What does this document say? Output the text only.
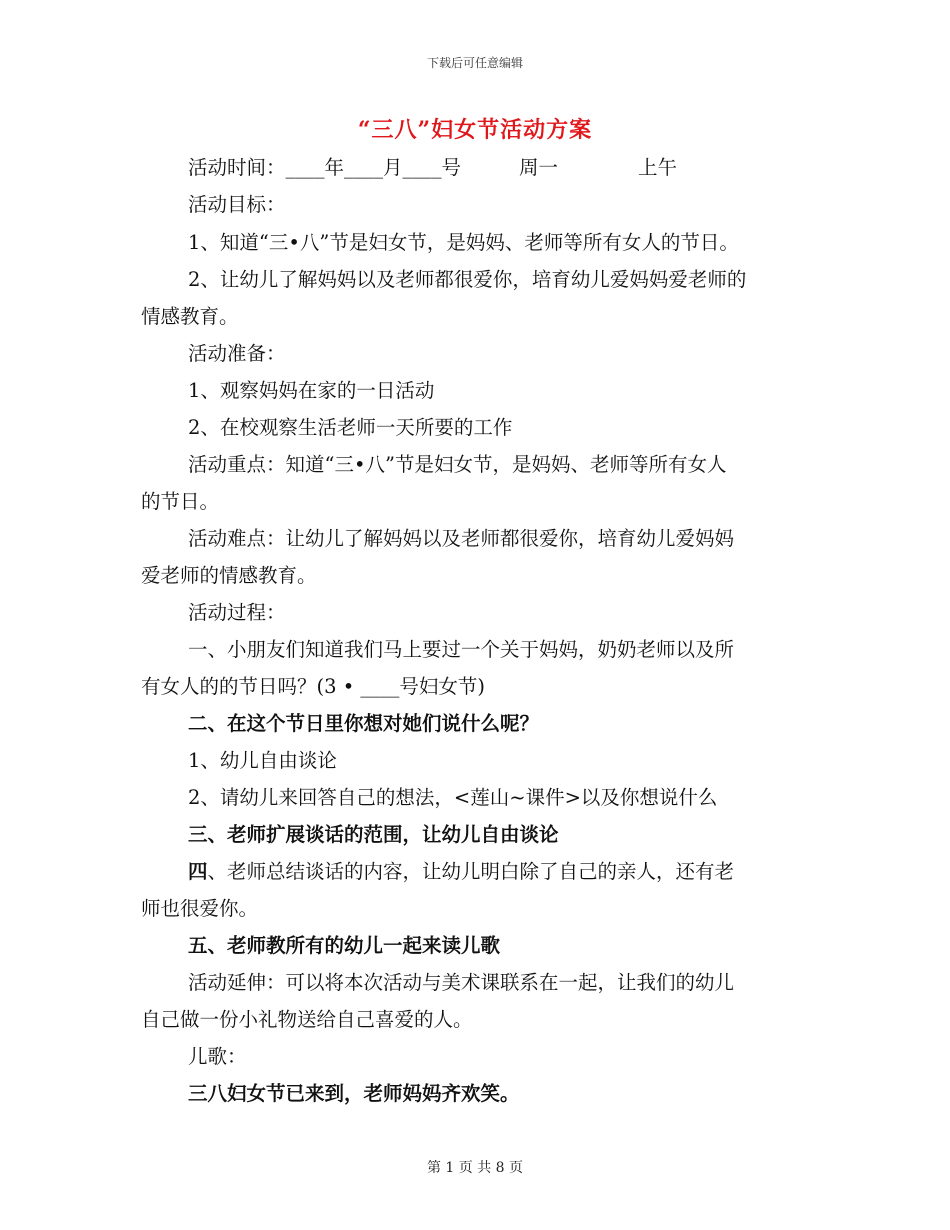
下载后可任意编辑
“三八”妇女节活动方案
活动时间：____年____月____号	周一	上午
活动目标：
1、知道“三•八”节是妇女节，是妈妈、老师等所有女人的节日。
2、让幼儿了解妈妈以及老师都很爱你，培育幼儿爱妈妈爱老师的
情感教育。
活动准备：
1、观察妈妈在家的一日活动
2、在校观察生活老师一天所要的工作
活动重点：知道“三•八”节是妇女节，是妈妈、老师等所有女人
的节日。
活动难点：让幼儿了解妈妈以及老师都很爱你，培育幼儿爱妈妈
爱老师的情感教育。
活动过程：
一、小朋友们知道我们马上要过一个关于妈妈，奶奶老师以及所
有女人的的节日吗？(3 • ____号妇女节)
二、在这个节日里你想对她们说什么呢？
1、幼儿自由谈论
2、请幼儿来回答自己的想法，<莲山~课件>以及你想说什么
三、老师扩展谈话的范围，让幼儿自由谈论
四、老师总结谈话的内容，让幼儿明白除了自己的亲人，还有老
师也很爱你。
五、老师教所有的幼儿一起来读儿歌
活动延伸：可以将本次活动与美术课联系在一起，让我们的幼儿
自己做一份小礼物送给自己喜爱的人。
儿歌：
三八妇女节已来到，老师妈妈齐欢笑。
第 1 页 共 8 页
